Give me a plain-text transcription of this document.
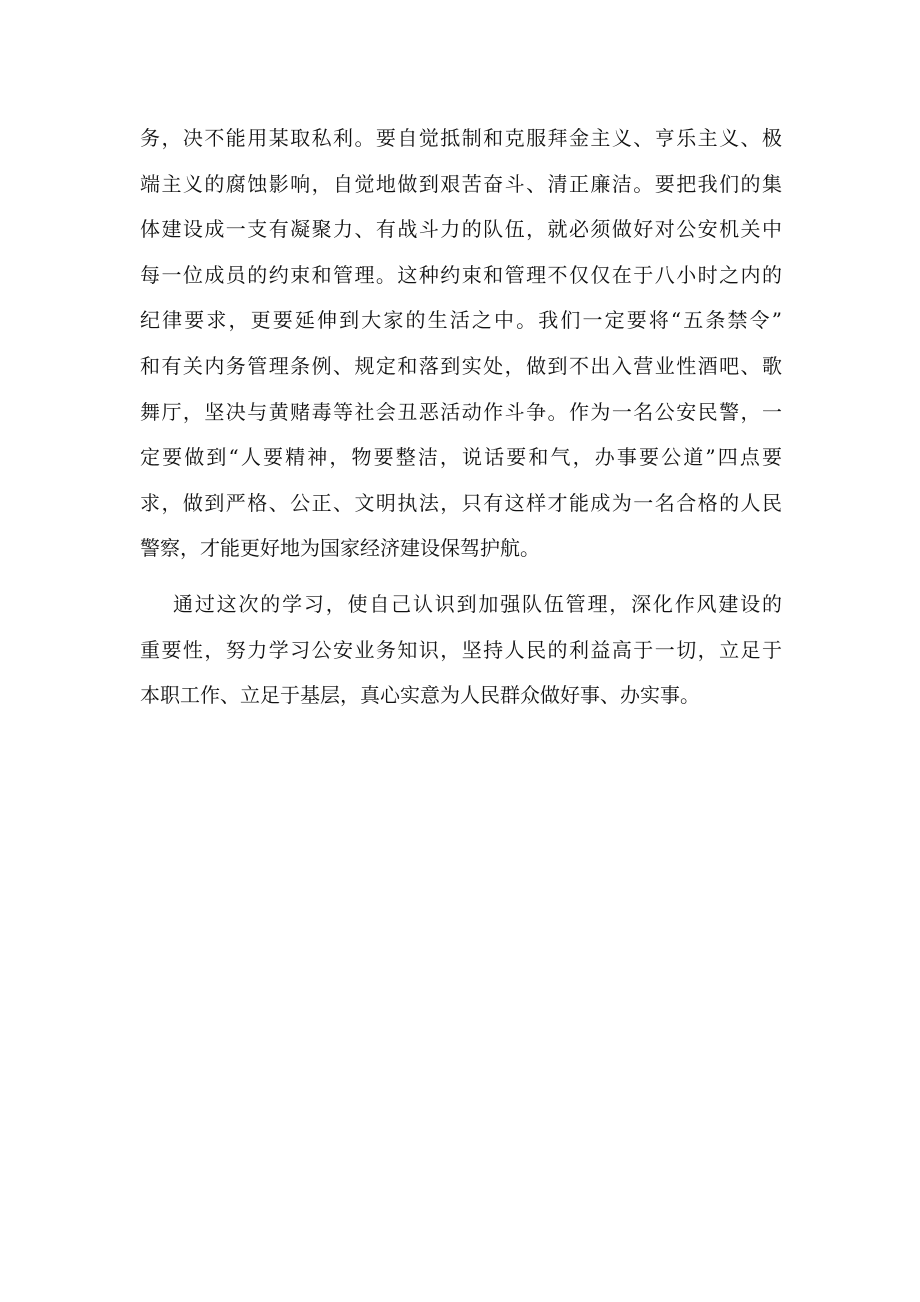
务，决不能用某取私利。要自觉抵制和克服拜金主义、亨乐主义、极
端主义的腐蚀影响，自觉地做到艰苦奋斗、清正廉洁。要把我们的集
体建设成一支有凝聚力、有战斗力的队伍，就必须做好对公安机关中
每一位成员的约束和管理。这种约束和管理不仅仅在于八小时之内的
纪律要求，更要延伸到大家的生活之中。我们一定要将“五条禁令”
和有关内务管理条例、规定和落到实处，做到不出入营业性酒吧、歌
舞厅，坚决与黄赌毒等社会丑恶活动作斗争。作为一名公安民警，一
定要做到“人要精神，物要整洁，说话要和气，办事要公道”四点要
求，做到严格、公正、文明执法，只有这样才能成为一名合格的人民
警察，才能更好地为国家经济建设保驾护航。
通过这次的学习，使自己认识到加强队伍管理，深化作风建设的
重要性，努力学习公安业务知识，坚持人民的利益高于一切，立足于
本职工作、立足于基层，真心实意为人民群众做好事、办实事。
